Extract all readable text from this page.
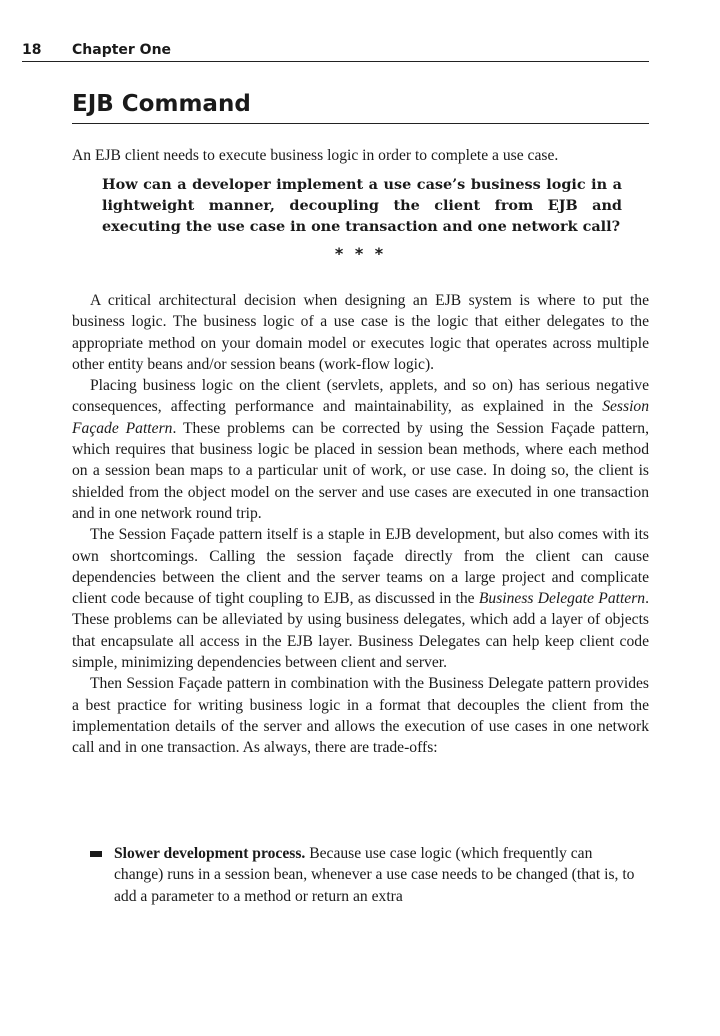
18 Chapter One
EJB Command

An EJB client needs to execute business logic in order to complete a use case.

How can a developer implement a use case’s business logic in a lightweight manner, decoupling the client from EJB and executing the use case in one transaction and one network call?

* * *

A critical architectural decision when designing an EJB system is where to put the business logic. The business logic of a use case is the logic that either delegates to the appropriate method on your domain model or executes logic that operates across multiple other entity beans and/or session beans (work-flow logic).

Placing business logic on the client (servlets, applets, and so on) has serious negative consequences, affecting performance and maintainability, as explained in the Session Façade Pattern. These problems can be corrected by using the Session Façade pattern, which requires that business logic be placed in session bean methods, where each method on a session bean maps to a particular unit of work, or use case. In doing so, the client is shielded from the object model on the server and use cases are executed in one transaction and in one network round trip.

The Session Façade pattern itself is a staple in EJB development, but also comes with its own shortcomings. Calling the session façade directly from the client can cause dependencies between the client and the server teams on a large project and complicate client code because of tight coupling to EJB, as discussed in the Business Delegate Pattern. These problems can be alleviated by using business delegates, which add a layer of objects that encapsulate all access in the EJB layer. Business Delegates can help keep client code simple, minimizing dependencies between client and server.

Then Session Façade pattern in combination with the Business Delegate pattern provides a best practice for writing business logic in a format that decouples the client from the implementation details of the server and allows the execution of use cases in one network call and in one transaction. As always, there are trade-offs:

Slower development process. Because use case logic (which frequently can change) runs in a session bean, whenever a use case needs to be changed (that is, to add a parameter to a method or return an extra
